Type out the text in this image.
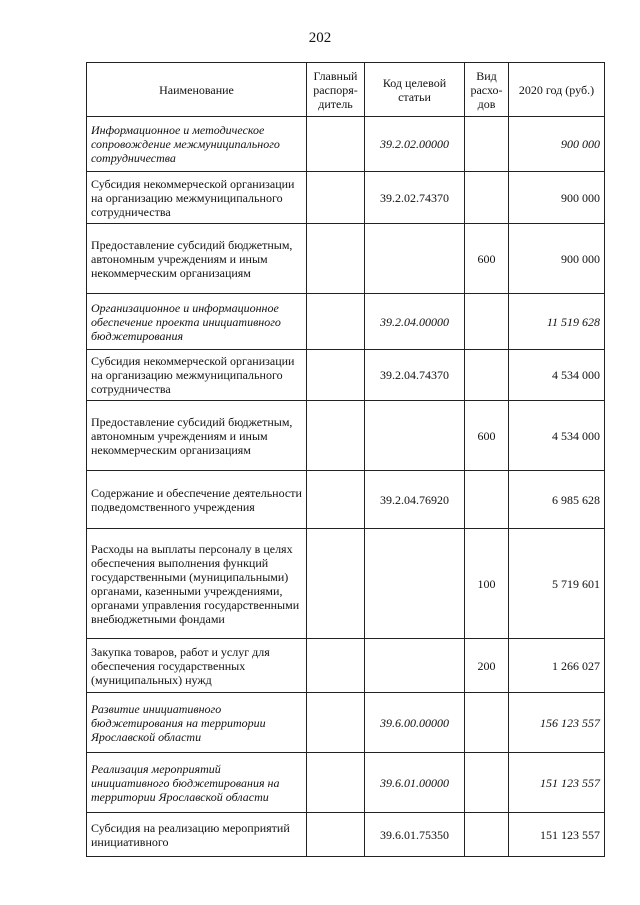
202
Наименование	Главный распоря-дитель	Код целевой статьи	Вид расхо-дов	2020 год (руб.)
Информационное и методическое сопровождение межмуниципального сотрудничества		39.2.02.00000		900 000
Субсидия некоммерческой организации на организацию межмуниципального сотрудничества		39.2.02.74370		900 000
Предоставление субсидий бюджетным, автономным учреждениям и иным некоммерческим организациям			600	900 000
Организационное и информационное обеспечение проекта инициативного бюджетирования		39.2.04.00000		11 519 628
Субсидия некоммерческой организации на организацию межмуниципального сотрудничества		39.2.04.74370		4 534 000
Предоставление субсидий бюджетным, автономным учреждениям и иным некоммерческим организациям			600	4 534 000
Содержание и обеспечение деятельности подведомственного учреждения		39.2.04.76920		6 985 628
Расходы на выплаты персоналу в целях обеспечения выполнения функций государственными (муниципальными) органами, казенными учреждениями, органами управления государственными внебюджетными фондами			100	5 719 601
Закупка товаров, работ и услуг для обеспечения государственных (муниципальных) нужд			200	1 266 027
Развитие инициативного бюджетирования на территории Ярославской области		39.6.00.00000		156 123 557
Реализация мероприятий инициативного бюджетирования на территории Ярославской области		39.6.01.00000		151 123 557
Субсидия на реализацию мероприятий инициативного		39.6.01.75350		151 123 557
